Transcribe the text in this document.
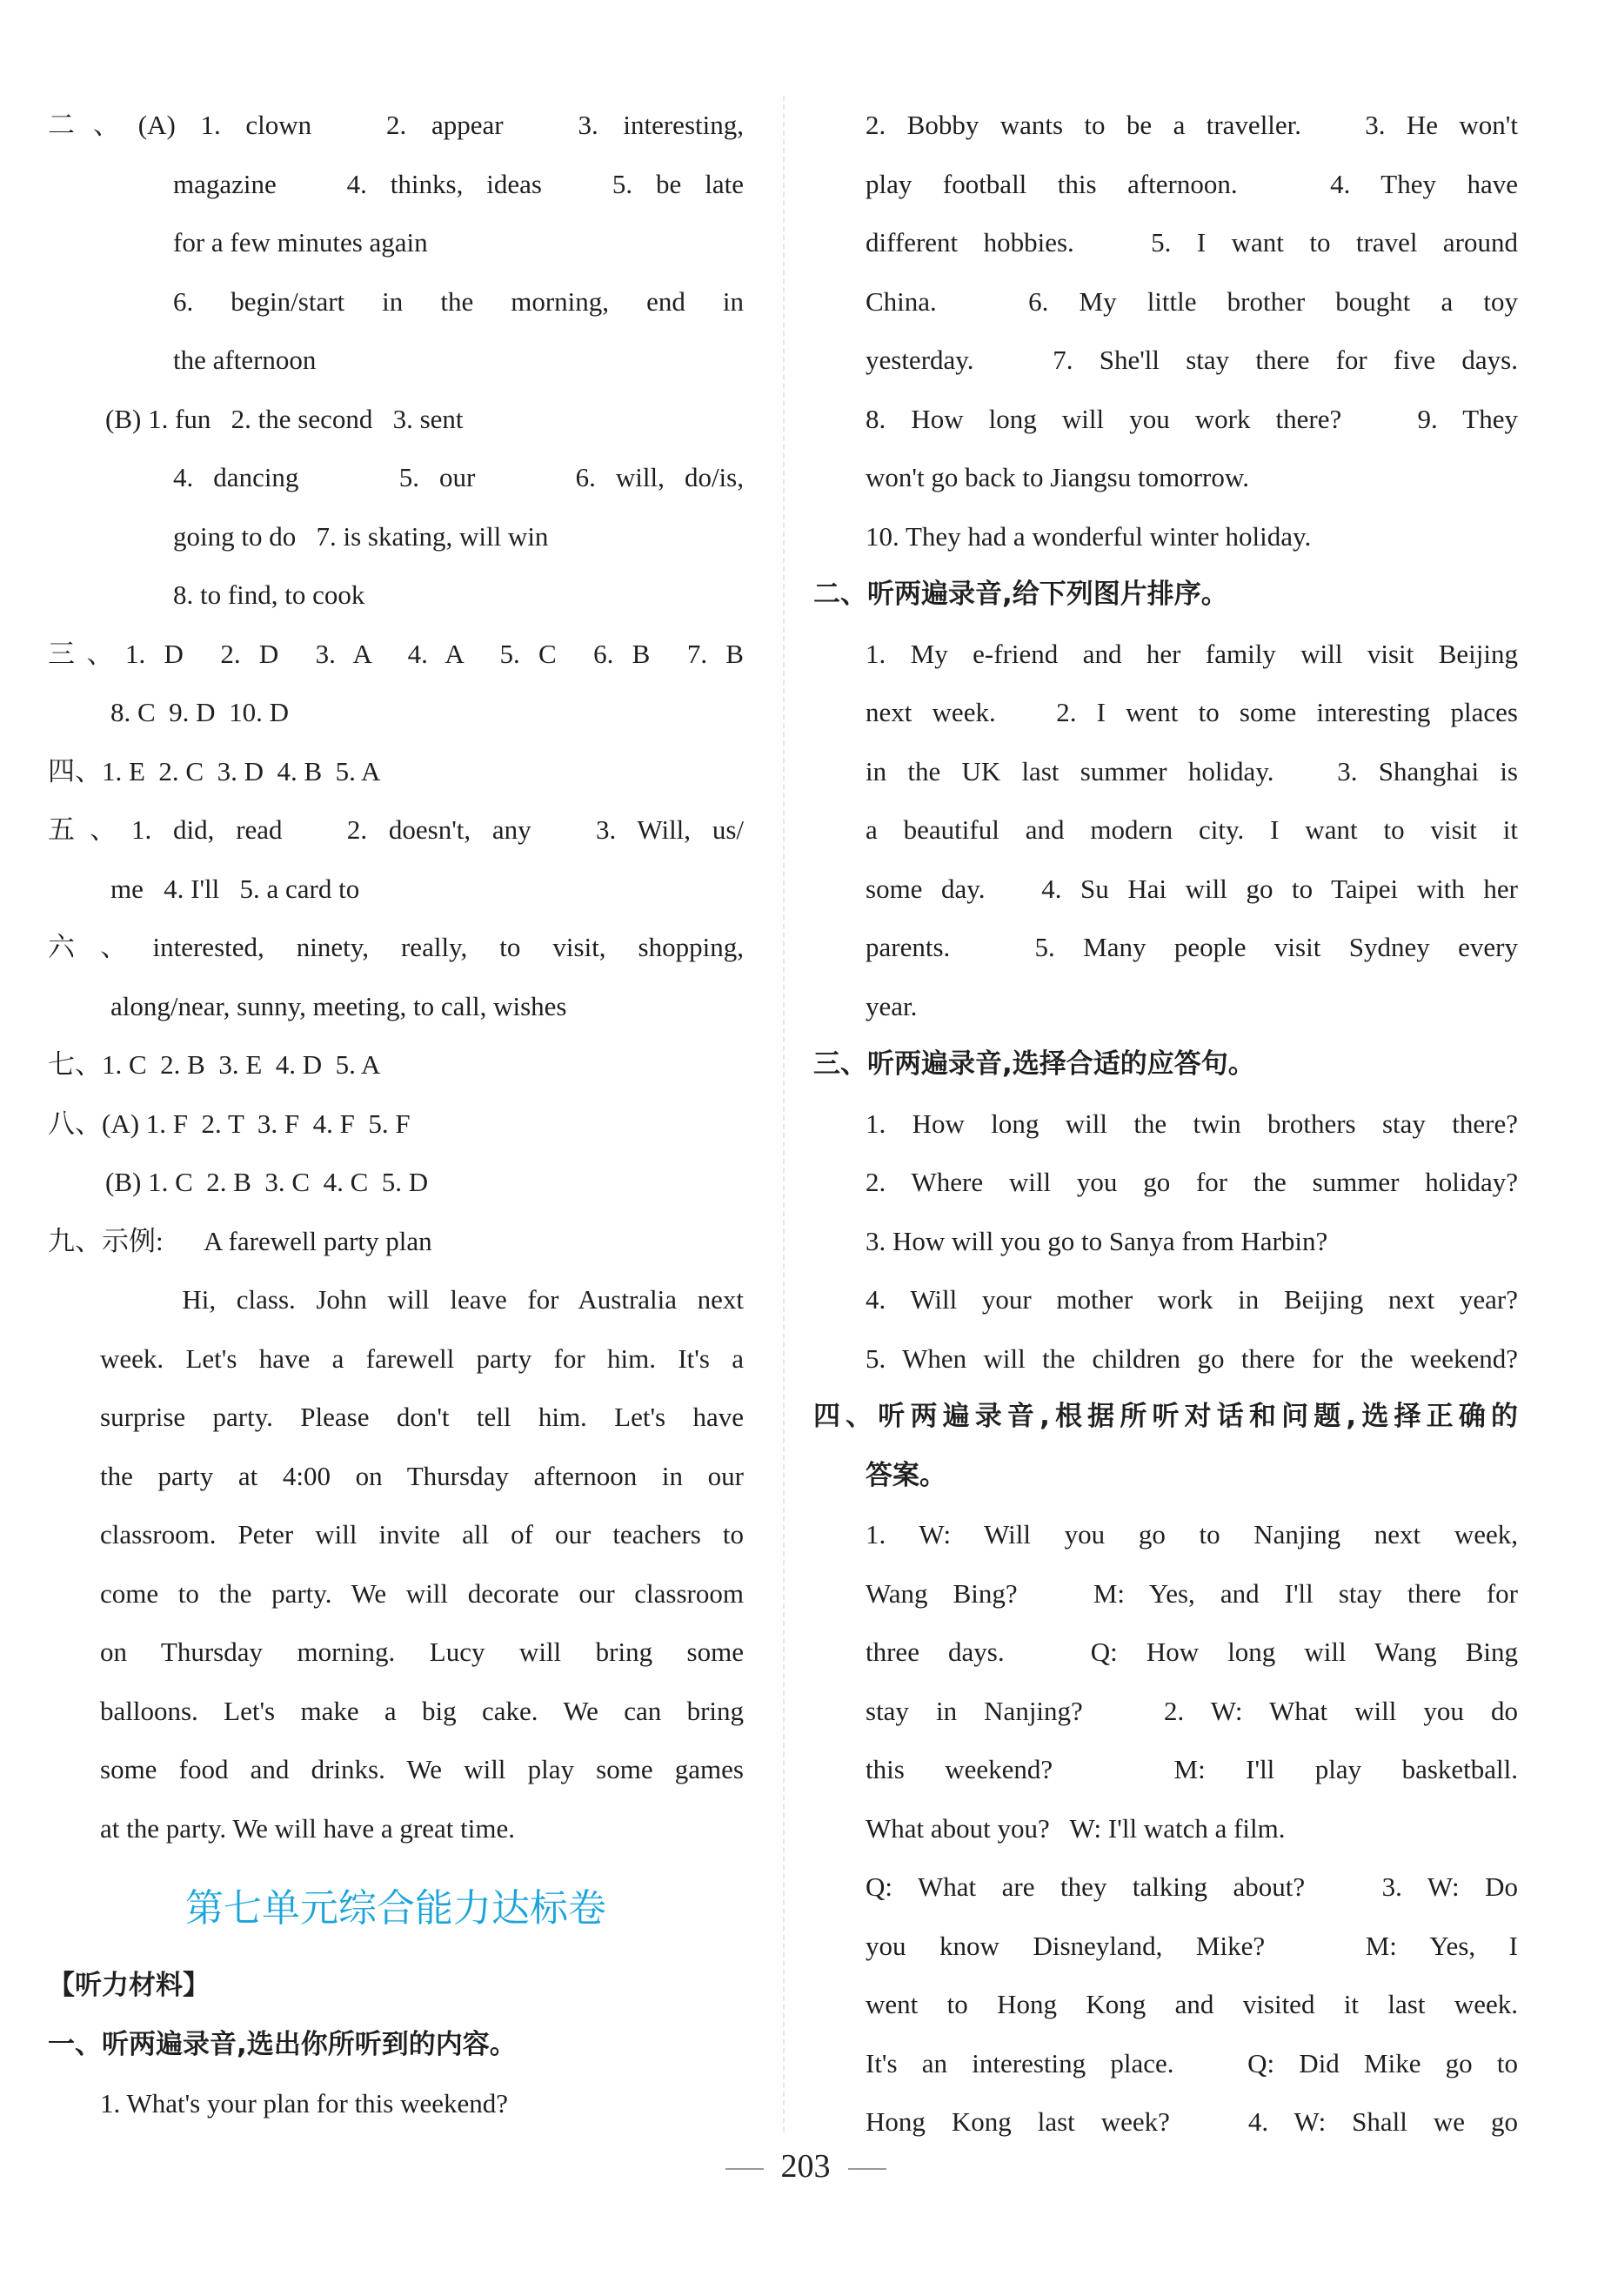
二、(A) 1. clown   2. appear   3. interesting,
magazine   4. thinks, ideas   5. be late
for a few minutes again
6. begin/start in the morning, end in
the afternoon
(B) 1. fun   2. the second   3. sent
4. dancing     5. our     6. will, do/is,
going to do   7. is skating, will win
8. to find, to cook
三、1. D  2. D  3. A  4. A  5. C  6. B  7. B
8. C  9. D  10. D
四、1. E  2. C  3. D  4. B  5. A
五、1. did, read   2. doesn't, any   3. Will, us/
me   4. I'll   5. a card to
六、interested, ninety, really, to visit, shopping,
along/near, sunny, meeting, to call, wishes
七、1. C  2. B  3. E  4. D  5. A
八、(A) 1. F  2. T  3. F  4. F  5. F
(B) 1. C  2. B  3. C  4. C  5. D
九、示例:      A farewell party plan
Hi, class. John will leave for Australia next
week. Let's have a farewell party for him. It's a
surprise party. Please don't tell him. Let's have
the party at 4:00 on Thursday afternoon in our
classroom. Peter will invite all of our teachers to
come to the party. We will decorate our classroom
on Thursday morning. Lucy will bring some
balloons. Let's make a big cake. We can bring
some food and drinks. We will play some games
at the party. We will have a great time.
第七单元综合能力达标卷
【听力材料】
一、听两遍录音,选出你所听到的内容。
1. What's your plan for this weekend?
2. Bobby wants to be a traveller.   3. He won't
play football this afternoon.   4. They have
different hobbies.   5. I want to travel around
China.   6. My little brother bought a toy
yesterday.   7. She'll stay there for five days.
8. How long will you work there?   9. They
won't go back to Jiangsu tomorrow.
10. They had a wonderful winter holiday.
二、听两遍录音,给下列图片排序。
1. My e-friend and her family will visit Beijing
next week.   2. I went to some interesting places
in the UK last summer holiday.   3. Shanghai is
a beautiful and modern city. I want to visit it
some day.   4. Su Hai will go to Taipei with her
parents.   5. Many people visit Sydney every
year.
三、听两遍录音,选择合适的应答句。
1. How long will the twin brothers stay there?
2. Where will you go for the summer holiday?
3. How will you go to Sanya from Harbin?
4. Will your mother work in Beijing next year?
5. When will the children go there for the weekend?
四、听两遍录音,根据所听对话和问题,选择正确的
答案。
1. W: Will you go to Nanjing next week,
Wang Bing?   M: Yes, and I'll stay there for
three days.   Q: How long will Wang Bing
stay in Nanjing?   2. W: What will you do
this weekend?   M: I'll play basketball.
What about you?   W: I'll watch a film.
Q: What are they talking about?   3. W: Do
you know Disneyland, Mike?   M: Yes, I
went to Hong Kong and visited it last week.
It's an interesting place.   Q: Did Mike go to
Hong Kong last week?   4. W: Shall we go
203
